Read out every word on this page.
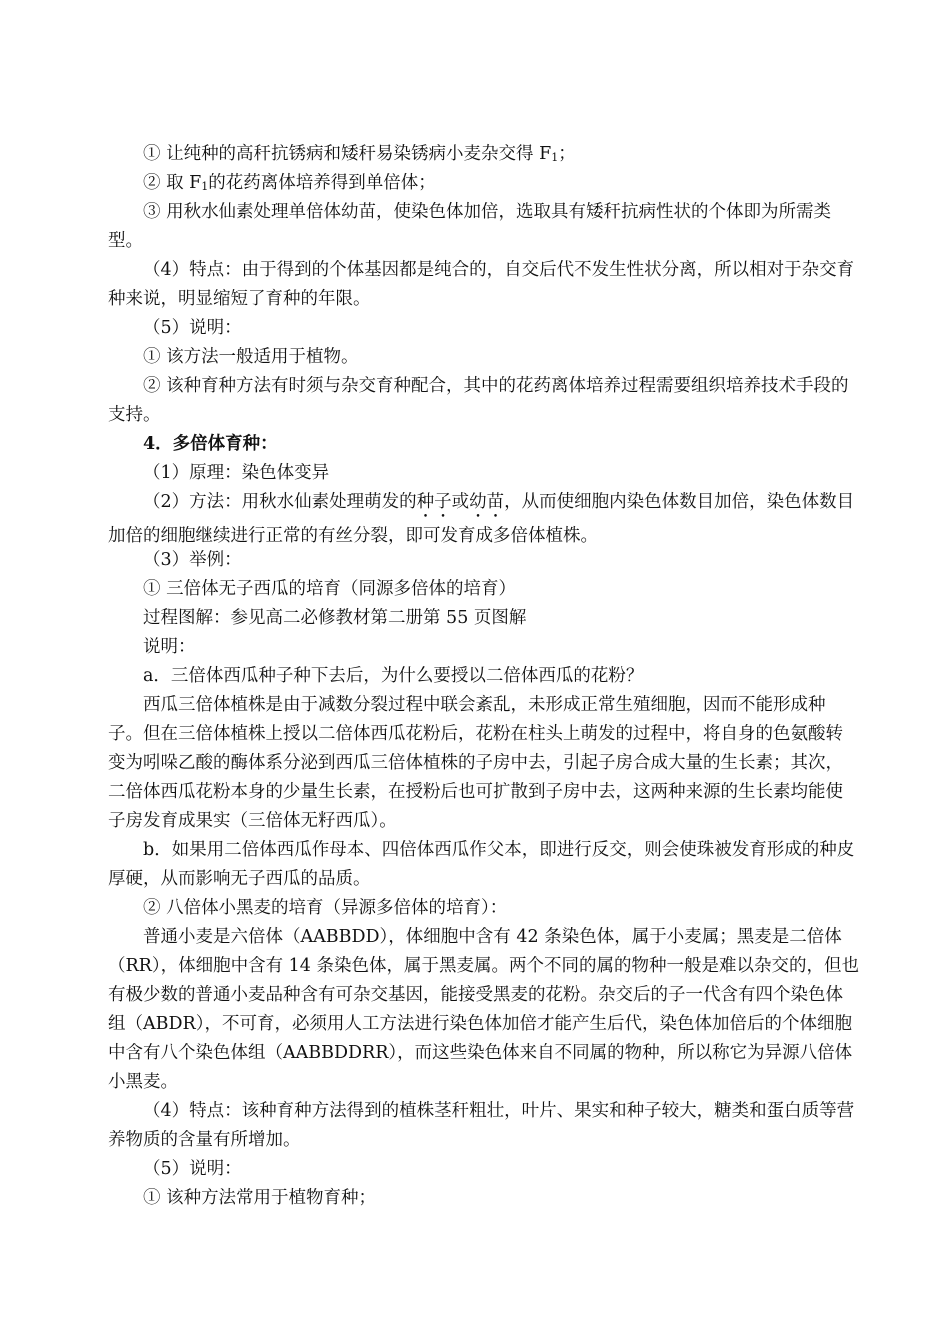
① 让纯种的高秆抗锈病和矮秆易染锈病小麦杂交得 $F_1$；

② 取 $F_1$的花药离体培养得到单倍体；

③ 用秋水仙素处理单倍体幼苗，使染色体加倍，选取具有矮秆抗病性状的个体即为所需类型。

（4）特点：由于得到的个体基因都是纯合的，自交后代不发生性状分离，所以相对于杂交育种来说，明显缩短了育种的年限。

（5）说明：

① 该方法一般适用于植物。

② 该种育种方法有时须与杂交育种配合，其中的花药离体培养过程需要组织培养技术手段的支持。

4．多倍体育种：

（1）原理：染色体变异

（2）方法：用秋水仙素处理萌发的种子或幼苗，从而使细胞内染色体数目加倍，染色体数目加倍的细胞继续进行正常的有丝分裂，即可发育成多倍体植株。

（3）举例：

① 三倍体无子西瓜的培育（同源多倍体的培育）

过程图解：参见高二必修教材第二册第 55 页图解

说明：

a．三倍体西瓜种子种下去后，为什么要授以二倍体西瓜的花粉？

西瓜三倍体植株是由于减数分裂过程中联会紊乱，未形成正常生殖细胞，因而不能形成种子。但在三倍体植株上授以二倍体西瓜花粉后，花粉在柱头上萌发的过程中，将自身的色氨酸转变为吲哚乙酸的酶体系分泌到西瓜三倍体植株的子房中去，引起子房合成大量的生长素；其次，二倍体西瓜花粉本身的少量生长素，在授粉后也可扩散到子房中去，这两种来源的生长素均能使子房发育成果实（三倍体无籽西瓜）。

b．如果用二倍体西瓜作母本、四倍体西瓜作父本，即进行反交，则会使珠被发育形成的种皮厚硬，从而影响无子西瓜的品质。

② 八倍体小黑麦的培育（异源多倍体的培育）：

普通小麦是六倍体（AABBDD），体细胞中含有 42 条染色体，属于小麦属；黑麦是二倍体（RR），体细胞中含有 14 条染色体，属于黑麦属。两个不同的属的物种一般是难以杂交的，但也有极少数的普通小麦品种含有可杂交基因，能接受黑麦的花粉。杂交后的子一代含有四个染色体组（ABDR），不可育，必须用人工方法进行染色体加倍才能产生后代，染色体加倍后的个体细胞中含有八个染色体组（AABBDDRR），而这些染色体来自不同属的物种，所以称它为异源八倍体小黑麦。

（4）特点：该种育种方法得到的植株茎秆粗壮，叶片、果实和种子较大，糖类和蛋白质等营养物质的含量有所增加。

（5）说明：

① 该种方法常用于植物育种；
